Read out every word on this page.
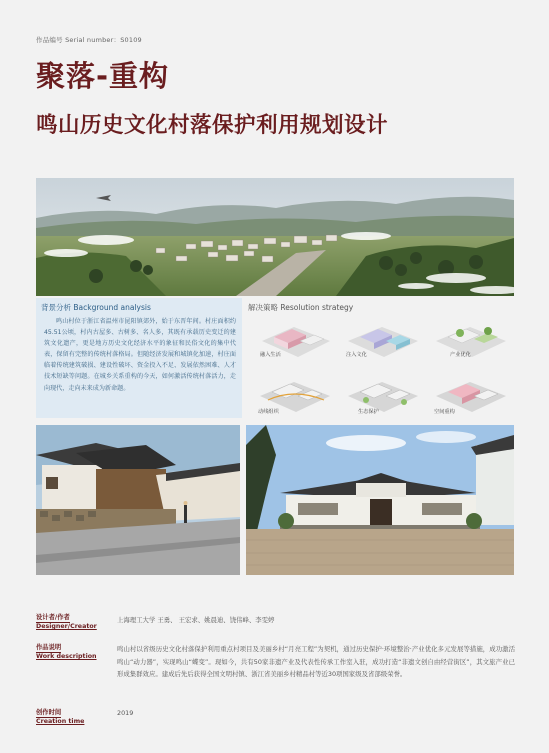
作品编号 Serial number：S0109
聚落-重构
鸣山历史文化村落保护利用规划设计
背景分析 Background analysis
鸣山村位于浙江省温州市昆阳镇郊外，始于东晋年间。村庄面积约45.51公顷，村内古屋多、古树多、名人多，其既有承载历史变迁的建筑文化遗产，更是地方历史文化经济水平的象征和民俗文化的集中代表，保留有完整的传统村落格局。但随经济发展和城镇化加速，村庄面临着传统建筑破损、建设性破坏、资金投入不足、发展依然困难、人才技术短缺等问题。在城乡关系重构的今天，如何激活传统村落活力，走向现代，走向未来成为新命题。
解决策略 Resolution strategy
融入生活	注入文化	产业优化
动线组织	生态保护	空间重构
设计者/作者
Designer/Creator
上海理工大学 王勇、 王宏求、姚晨迪、饶伟峰、李雯婷
作品说明
Work description
鸣山村以省级历史文化村落保护利用重点村项目及美丽乡村“月亮工程”为契机，通过历史保护·环境整治·产业优化多元发展等措施，成功激活鸣山“动力器”，实现鸣山“蝶变”。现如今，共有50家非遗产业及代表性传承工作室入驻，成功打造“非遗文创自由经营街区”，其文旅产业已形成集群效应。建成后先后获得全国文明村镇、浙江省美丽乡村精品村等近30项国家级及省部级荣誉。
创作时间
Creation time
2019
